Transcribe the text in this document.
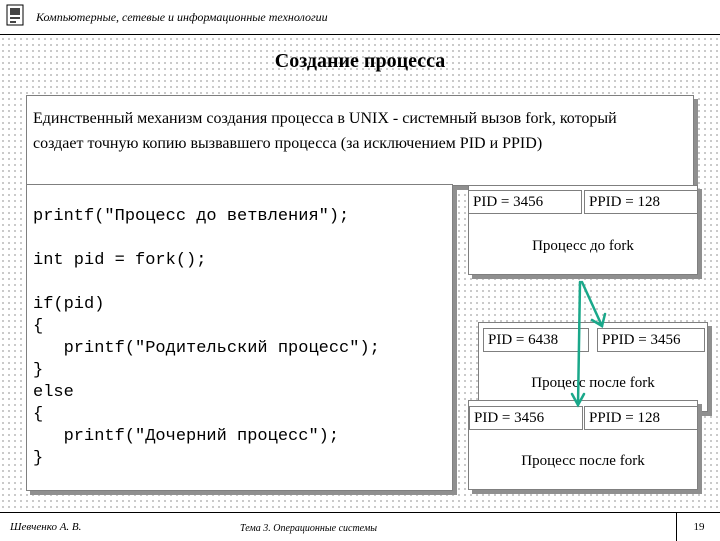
Компьютерные, сетевые и информационные технологии
Создание процесса
Единственный механизм создания процесса в UNIX - системный вызов fork, который
создает точную копию вызвавшего процесса (за исключением PID и PPID)
printf("Процесс до ветвления");
int pid = fork();
if(pid)
{
printf("Родительский процесс");
}
else
{
printf("Дочерний процесс");
}
PID = 3456	PPID = 128
Процесс до fork
PID = 6438	PPID = 3456
Процесс после fork
PID = 3456	PPID = 128
Процесс после fork
Шевченко А. В.	Тема 3. Операционные системы	19
